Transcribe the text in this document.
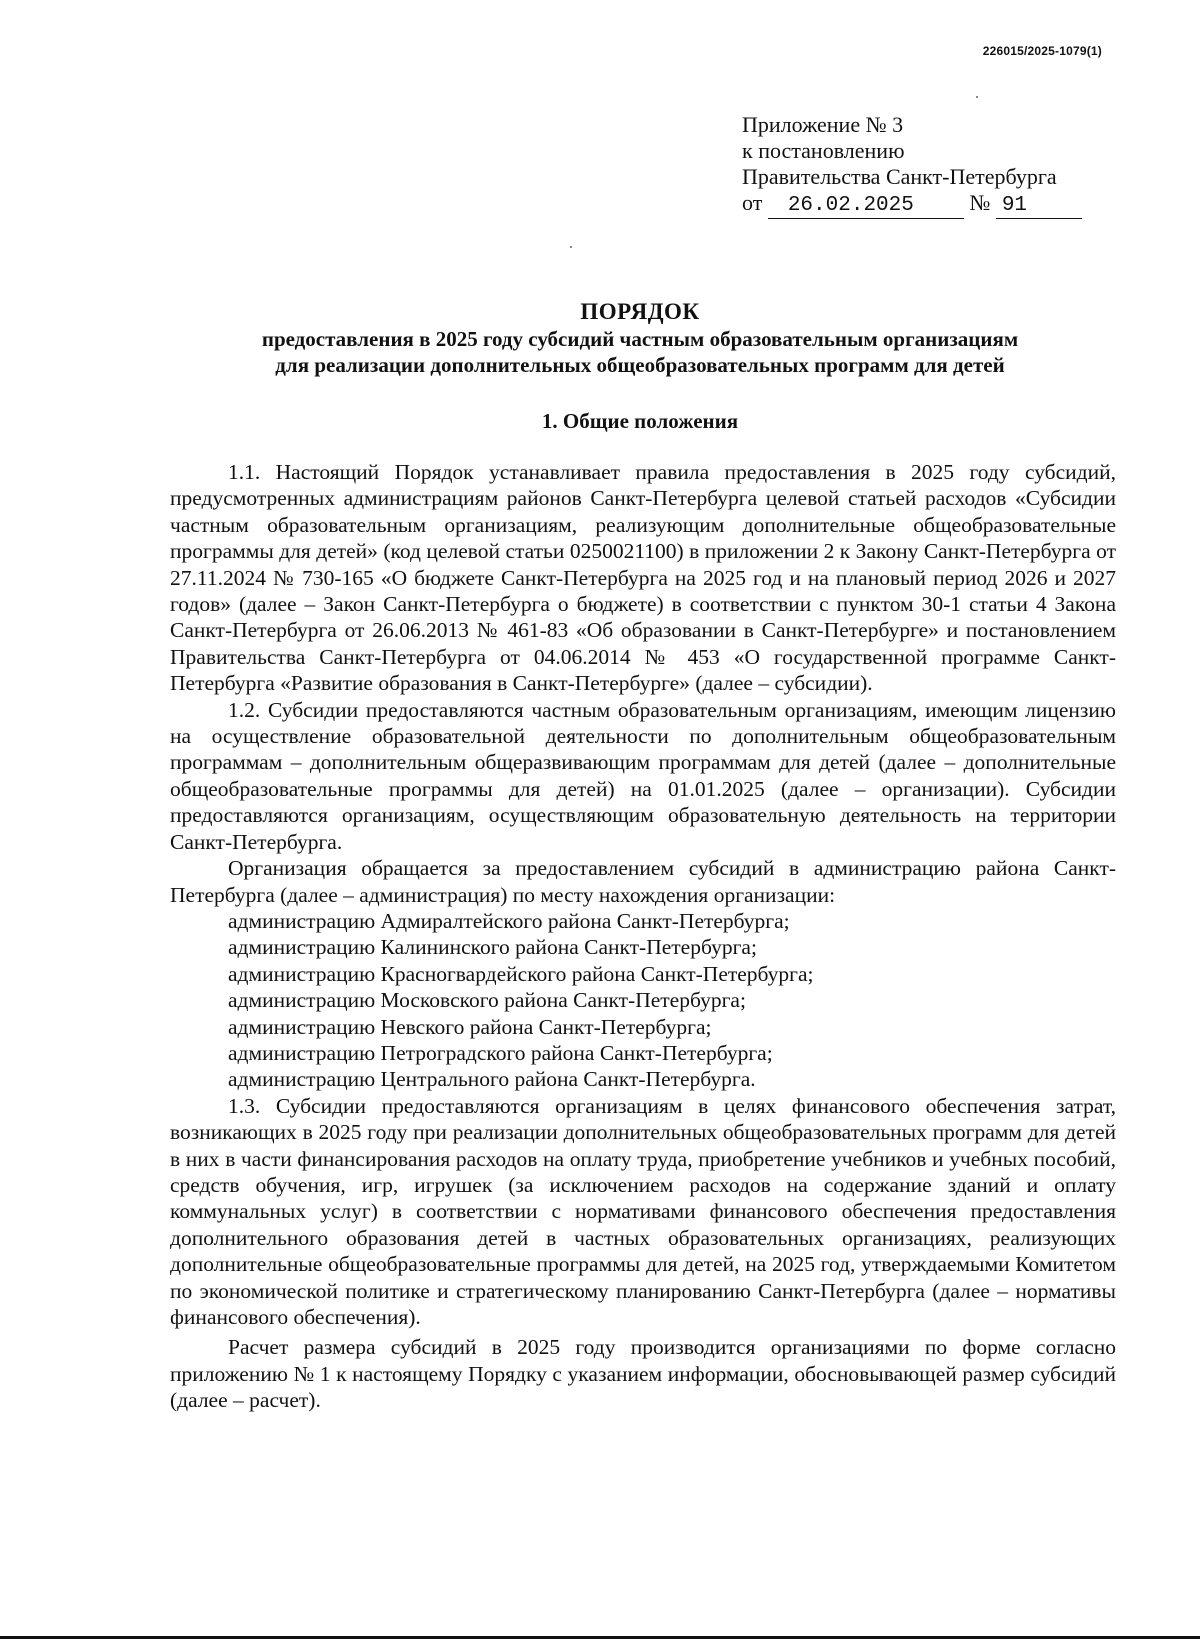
226015/2025-1079(1)
Приложение № 3
к постановлению
Правительства Санкт-Петербурга
от 26.02.2025	№ 91
ПОРЯДОК
предоставления в 2025 году субсидий частным образовательным организациям
для реализации дополнительных общеобразовательных программ для детей
1. Общие положения

1.1. Настоящий Порядок устанавливает правила предоставления в 2025 году субсидий, предусмотренных администрациям районов Санкт-Петербурга целевой статьей расходов «Субсидии частным образовательным организациям, реализующим дополнительные общеобразовательные программы для детей» (код целевой статьи 0250021100) в приложении 2 к Закону Санкт-Петербурга от 27.11.2024 № 730-165 «О бюджете Санкт-Петербурга на 2025 год и на плановый период 2026 и 2027 годов» (далее – Закон Санкт-Петербурга о бюджете) в соответствии с пунктом 30-1 статьи 4 Закона Санкт-Петербурга от 26.06.2013 № 461-83 «Об образовании в Санкт-Петербурге» и постановлением Правительства Санкт-Петербурга от 04.06.2014 № 453 «О государственной программе Санкт-Петербурга «Развитие образования в Санкт-Петербурге» (далее – субсидии).

1.2. Субсидии предоставляются частным образовательным организациям, имеющим лицензию на осуществление образовательной деятельности по дополнительным общеобразовательным программам – дополнительным общеразвивающим программам для детей (далее – дополнительные общеобразовательные программы для детей) на 01.01.2025 (далее – организации). Субсидии предоставляются организациям, осуществляющим образовательную деятельность на территории Санкт-Петербурга.

Организация обращается за предоставлением субсидий в администрацию района Санкт-Петербурга (далее – администрация) по месту нахождения организации:

администрацию Адмиралтейского района Санкт-Петербурга;

администрацию Калининского района Санкт-Петербурга;

администрацию Красногвардейского района Санкт-Петербурга;

администрацию Московского района Санкт-Петербурга;

администрацию Невского района Санкт-Петербурга;

администрацию Петроградского района Санкт-Петербурга;

администрацию Центрального района Санкт-Петербурга.

1.3. Субсидии предоставляются организациям в целях финансового обеспечения затрат, возникающих в 2025 году при реализации дополнительных общеобразовательных программ для детей в них в части финансирования расходов на оплату труда, приобретение учебников и учебных пособий, средств обучения, игр, игрушек (за исключением расходов на содержание зданий и оплату коммунальных услуг) в соответствии с нормативами финансового обеспечения предоставления дополнительного образования детей в частных образовательных организациях, реализующих дополнительные общеобразовательные программы для детей, на 2025 год, утверждаемыми Комитетом по экономической политике и стратегическому планированию Санкт-Петербурга (далее – нормативы финансового обеспечения).

Расчет размера субсидий в 2025 году производится организациями по форме согласно приложению № 1 к настоящему Порядку с указанием информации, обосновывающей размер субсидий (далее – расчет).
